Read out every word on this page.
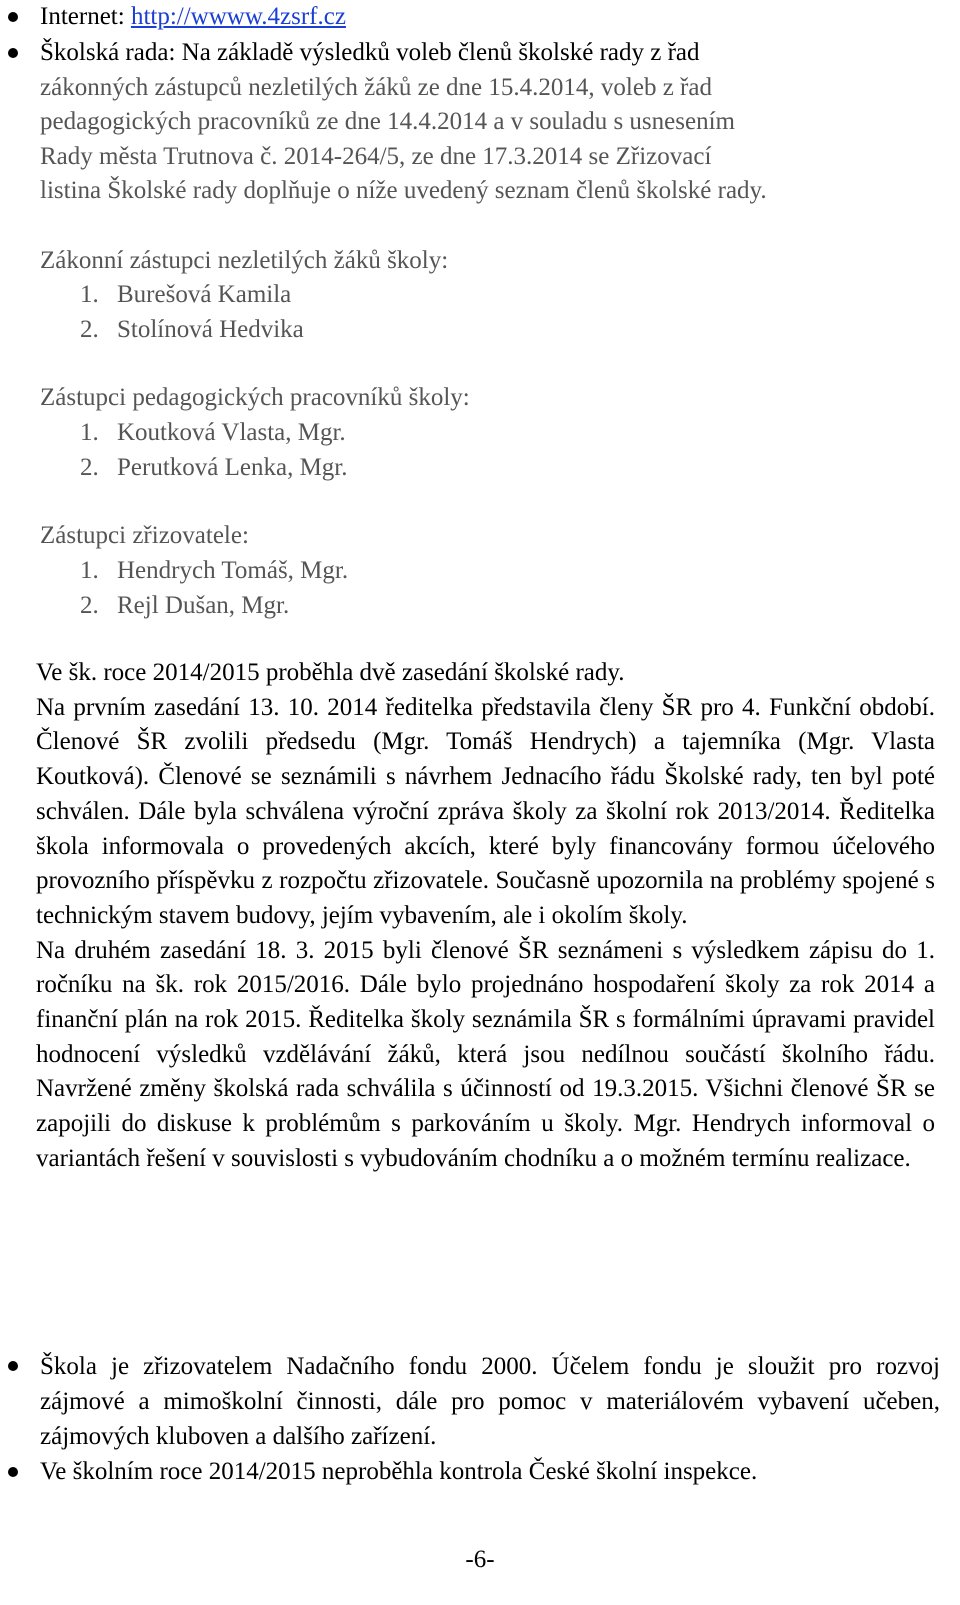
Internet: http://wwww.4zsrf.cz
Školská rada: Na základě výsledků voleb členů školské rady z řad
zákonných zástupců nezletilých žáků ze dne 15.4.2014, voleb z řad
pedagogických pracovníků ze dne 14.4.2014 a v souladu s usnesením
Rady města Trutnova č. 2014-264/5, ze dne 17.3.2014 se Zřizovací
listina Školské rady doplňuje o níže uvedený seznam členů školské rady.
Zákonní zástupci nezletilých žáků školy:
1. Burešová Kamila
2. Stolínová Hedvika
Zástupci pedagogických pracovníků školy:
1. Koutková Vlasta, Mgr.
2. Perutková Lenka, Mgr.
Zástupci zřizovatele:
1. Hendrych Tomáš, Mgr.
2. Rejl Dušan, Mgr.

Ve šk. roce 2014/2015 proběhla dvě zasedání školské rady.

Na prvním zasedání 13. 10. 2014 ředitelka představila členy ŠR pro 4. Funkční období. Členové ŠR zvolili předsedu (Mgr. Tomáš Hendrych) a tajemníka (Mgr. Vlasta Koutková). Členové se seznámili s návrhem Jednacího řádu Školské rady, ten byl poté schválen. Dále byla schválena výroční zpráva školy za školní rok 2013/2014. Ředitelka škola informovala o provedených akcích, které byly financovány formou účelového provozního příspěvku z rozpočtu zřizovatele. Současně upozornila na problémy spojené s technickým stavem budovy, jejím vybavením, ale i okolím školy.

Na druhém zasedání 18. 3. 2015 byli členové ŠR seznámeni s výsledkem zápisu do 1. ročníku na šk. rok 2015/2016. Dále bylo projednáno hospodaření školy za rok 2014 a finanční plán na rok 2015. Ředitelka školy seznámila ŠR s formálními úpravami pravidel hodnocení výsledků vzdělávání žáků, která jsou nedílnou součástí školního řádu. Navržené změny školská rada schválila s účinností od 19.3.2015. Všichni členové ŠR se zapojili do diskuse k problémům s parkováním u školy. Mgr. Hendrych informoval o variantách řešení v souvislosti s vybudováním chodníku a o možném termínu realizace.

Škola je zřizovatelem Nadačního fondu 2000. Účelem fondu je sloužit pro rozvoj zájmové a mimoškolní činnosti, dále pro pomoc v materiálovém vybavení učeben, zájmových kluboven a dalšího zařízení.
Ve školním roce 2014/2015 neproběhla kontrola České školní inspekce.
-6-
